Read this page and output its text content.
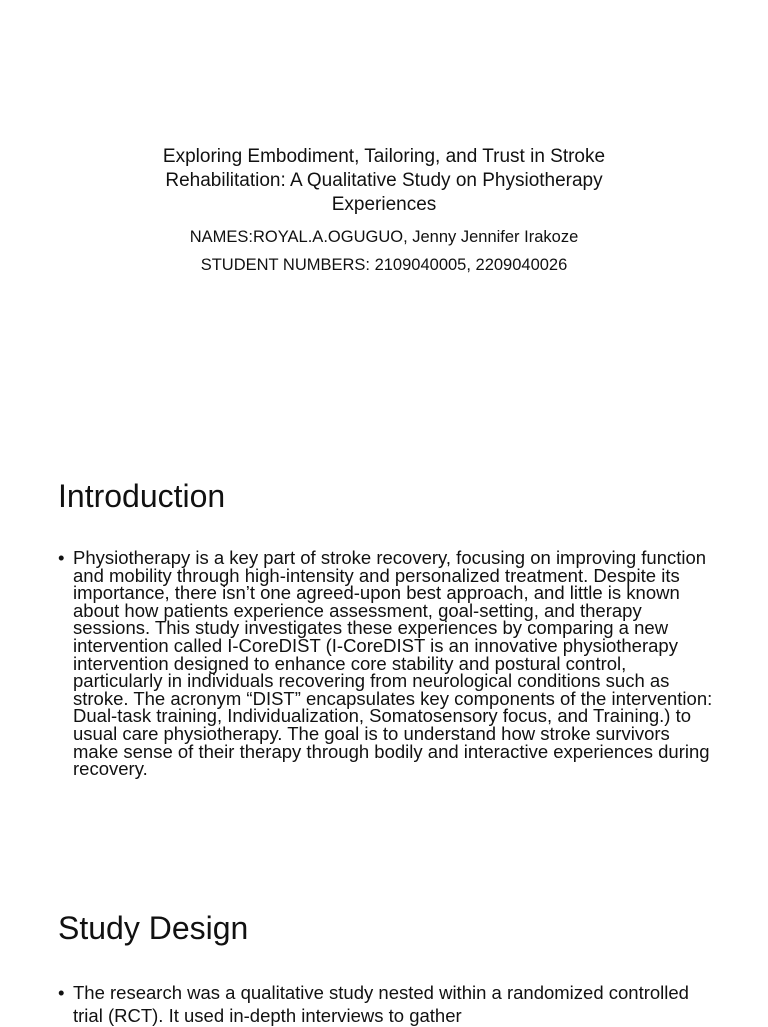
Exploring Embodiment, Tailoring, and Trust in Stroke Rehabilitation: A Qualitative Study on Physiotherapy Experiences
NAMES:ROYAL.A.OGUGUO, Jenny Jennifer Irakoze
STUDENT NUMBERS: 2109040005, 2209040026
Introduction
• Physiotherapy is a key part of stroke recovery, focusing on improving function and mobility through high-intensity and personalized treatment. Despite its importance, there isn’t one agreed-upon best approach, and little is known about how patients experience assessment, goal-setting, and therapy sessions. This study investigates these experiences by comparing a new intervention called I-CoreDIST (I-CoreDIST is an innovative physiotherapy intervention designed to enhance core stability and postural control, particularly in individuals recovering from neurological conditions such as stroke. The acronym “DIST” encapsulates key components of the intervention: Dual-task training, Individualization, Somatosensory focus, and Training.) to usual care physiotherapy. The goal is to understand how stroke survivors make sense of their therapy through bodily and interactive experiences during recovery.
Study Design
• The research was a qualitative study nested within a randomized controlled trial (RCT). It used in-depth interviews to gather
